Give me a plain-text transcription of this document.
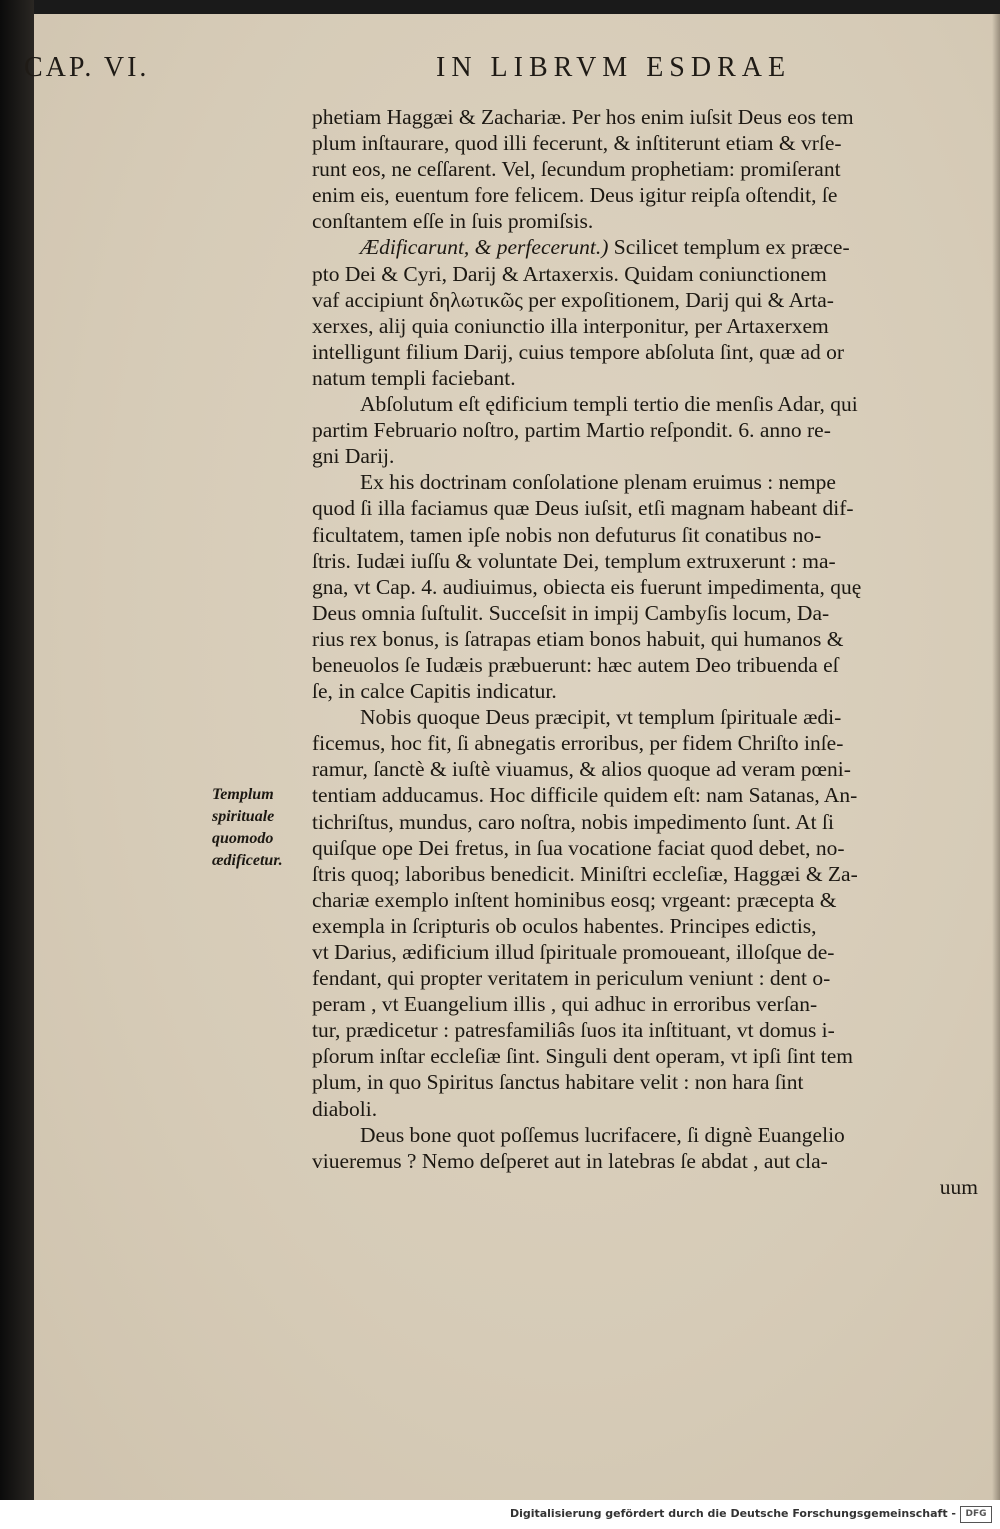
CAP. VI.	IN LIBRVM ESDRAE
Templum
spirituale
quomodo
ædificetur.
phetiam Haggæi & Zachariæ. Per hos enim iuſsit Deus eos tem
plum inſtaurare, quod illi fecerunt, & inſtiterunt etiam & vrſe-
runt eos, ne ceſſarent. Vel, ſecundum prophetiam: promiſerant
enim eis, euentum fore felicem. Deus igitur reipſa oſtendit, ſe
conſtantem eſſe in ſuis promiſsis.
Ædificarunt, & perfecerunt.) Scilicet templum ex præce-
pto Dei & Cyri, Darij & Artaxerxis. Quidam coniunctionem
vaf accipiunt δηλωτικῶς per expoſitionem, Darij qui & Arta-
xerxes, alij quia coniunctio illa interponitur, per Artaxerxem
intelligunt filium Darij, cuius tempore abſoluta ſint, quæ ad or
natum templi faciebant.
Abſolutum eſt ędificium templi tertio die menſis Adar, qui
partim Februario noſtro, partim Martio reſpondit. 6. anno re-
gni Darij.
Ex his doctrinam conſolatione plenam eruimus : nempe
quod ſi illa faciamus quæ Deus iuſsit, etſi magnam habeant dif-
ficultatem, tamen ipſe nobis non defuturus ſit conatibus no-
ſtris. Iudæi iuſſu & voluntate Dei, templum extruxerunt : ma-
gna, vt Cap. 4. audiuimus, obiecta eis fuerunt impedimenta, quę
Deus omnia ſuſtulit. Succeſsit in impij Cambyſis locum, Da-
rius rex bonus, is ſatrapas etiam bonos habuit, qui humanos &
beneuolos ſe Iudæis præbuerunt: hæc autem Deo tribuenda eſ
ſe, in calce Capitis indicatur.
Nobis quoque Deus præcipit, vt templum ſpirituale ædi-
ficemus, hoc fit, ſi abnegatis erroribus, per fidem Chriſto inſe-
ramur, ſanctè & iuſtè viuamus, & alios quoque ad veram pœni-
tentiam adducamus. Hoc difficile quidem eſt: nam Satanas, An-
tichriſtus, mundus, caro noſtra, nobis impedimento ſunt. At ſi
quiſque ope Dei fretus, in ſua vocatione faciat quod debet, no-
ſtris quoq; laboribus benedicit. Miniſtri eccleſiæ, Haggæi & Za-
chariæ exemplo inſtent hominibus eosq; vrgeant: præcepta &
exempla in ſcripturis ob oculos habentes. Principes edictis,
vt Darius, ædificium illud ſpirituale promoueant, illoſque de-
fendant, qui propter veritatem in periculum veniunt : dent o-
peram , vt Euangelium illis , qui adhuc in erroribus verſan-
tur, prædicetur : patresfamiliâs ſuos ita inſtituant, vt domus i-
pſorum inſtar eccleſiæ ſint. Singuli dent operam, vt ipſi ſint tem
plum, in quo Spiritus ſanctus habitare velit : non hara ſint
diaboli.
Deus bone quot poſſemus lucrifacere, ſi dignè Euangelio
viueremus ? Nemo deſperet aut in latebras ſe abdat , aut cla-
uum
Digitalisierung gefördert durch die Deutsche Forschungsgemeinschaft -	DFG
